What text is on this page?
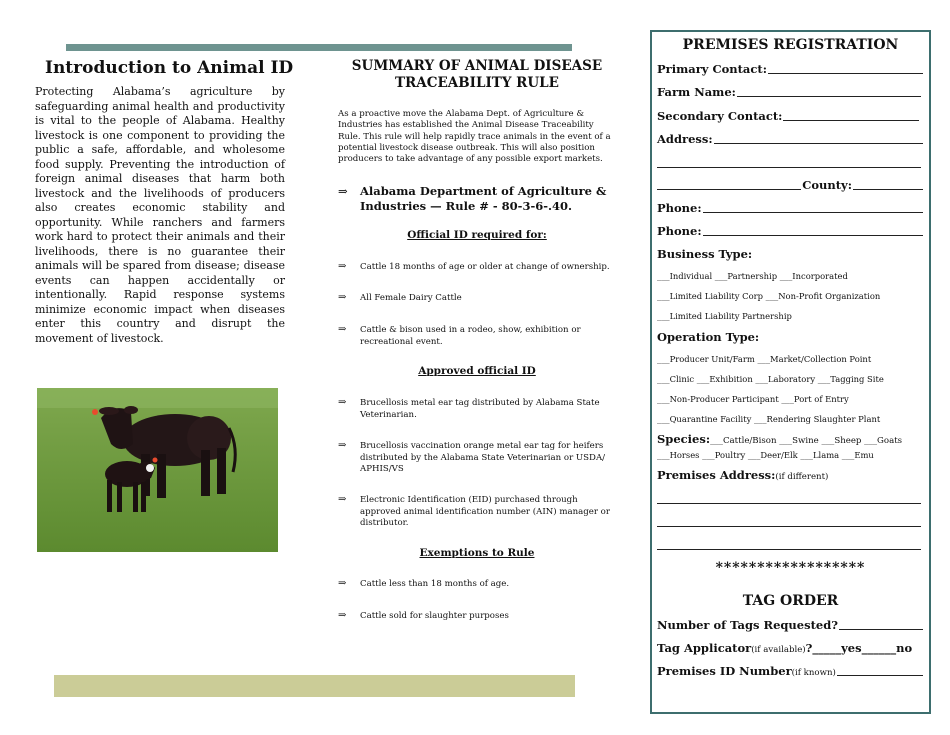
Introduction to Animal ID
Protecting Alabama’s agriculture by safeguarding animal health and productivity is vital to the people of Alabama. Healthy livestock is one component to providing the public a safe, affordable, and wholesome food supply. Preventing the introduction of foreign animal diseases that harm both livestock and the livelihoods of producers also creates economic stability and opportunity. While ranchers and farmers work hard to protect their animals and their livelihoods, there is no guarantee their animals will be spared from disease; disease events can happen accidentally or intentionally. Rapid response systems minimize economic impact when diseases enter this country and disrupt the movement of livestock.
SUMMARY OF ANIMAL DISEASE TRACEABILITY RULE
As a proactive move the Alabama Dept. of Agriculture & Industries has established the Animal Disease Traceability Rule. This rule will help rapidly trace animals in the event of a potential livestock disease outbreak. This will also position producers to take advantage of any possible export markets.
⇒ Alabama Department of Agriculture & Industries — Rule # - 80-3-6-.40.
Official ID required for:
⇒ Cattle 18 months of age or older at change of ownership.
⇒ All Female Dairy Cattle
⇒ Cattle & bison used in a rodeo, show, exhibition or recreational event.
Approved official ID
⇒ Brucellosis metal ear tag distributed by Alabama State Veterinarian.
⇒ Brucellosis vaccination orange metal ear tag for heifers distributed by the Alabama State Veterinarian or USDA/ APHIS/VS
⇒ Electronic Identification (EID) purchased through approved animal identification number (AIN) manager or distributor.
Exemptions to Rule
⇒ Cattle less than 18 months of age.
⇒ Cattle sold for slaughter purposes
PREMISES REGISTRATION
Primary Contact:
Farm Name:
Secondary Contact:
Address:
County:
Phone:
Phone:
Business Type:
___Individual ___Partnership ___Incorporated
___Limited Liability Corp ___Non-Profit Organization
___Limited Liability Partnership
Operation Type:
___Producer Unit/Farm ___Market/Collection Point
___Clinic ___Exhibition ___Laboratory ___Tagging Site
___Non-Producer Participant ___Port of Entry
___Quarantine Facility ___Rendering Slaughter Plant
Species: ___Cattle/Bison ___Swine ___Sheep ___Goats
___Horses ___Poultry ___Deer/Elk ___Llama ___Emu
Premises Address: (if different)
******************
TAG ORDER
Number of Tags Requested?
Tag Applicator (if available) ?_____yes______no
Premises ID Number (if known)
